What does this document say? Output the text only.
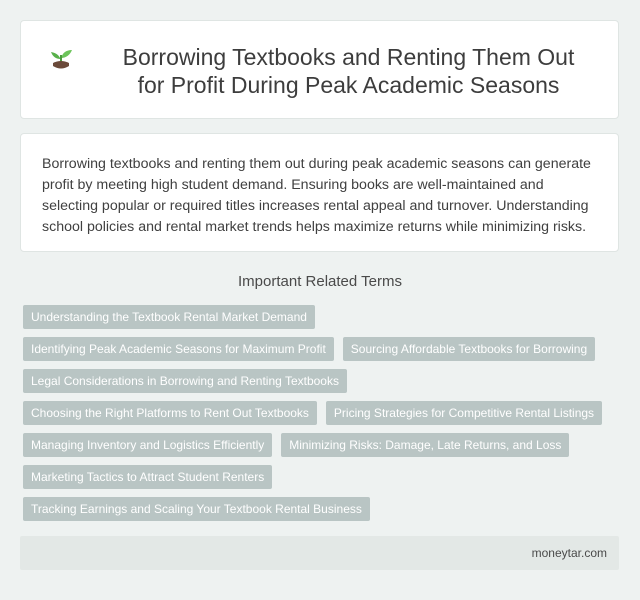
Borrowing Textbooks and Renting Them Out for Profit During Peak Academic Seasons

Borrowing textbooks and renting them out during peak academic seasons can generate profit by meeting high student demand. Ensuring books are well-maintained and selecting popular or required titles increases rental appeal and turnover. Understanding school policies and rental market trends helps maximize returns while minimizing risks.

Important Related Terms
Understanding the Textbook Rental Market Demand
Identifying Peak Academic Seasons for Maximum Profit	Sourcing Affordable Textbooks for Borrowing
Legal Considerations in Borrowing and Renting Textbooks
Choosing the Right Platforms to Rent Out Textbooks	Pricing Strategies for Competitive Rental Listings
Managing Inventory and Logistics Efficiently	Minimizing Risks: Damage, Late Returns, and Loss
Marketing Tactics to Attract Student Renters
Tracking Earnings and Scaling Your Textbook Rental Business
moneytar.com
